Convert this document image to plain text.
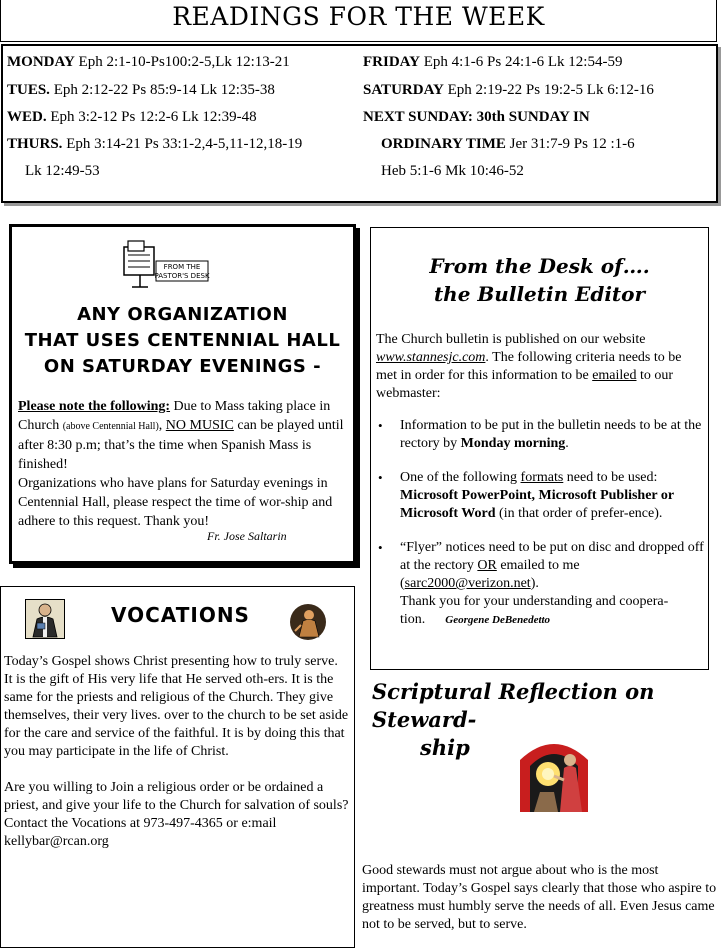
READINGS FOR THE WEEK
MONDAY Eph 2:1-10-Ps100:2-5,Lk 12:13-21
TUES. Eph 2:12-22 Ps 85:9-14 Lk 12:35-38
WED. Eph 3:2-12 Ps 12:2-6 Lk 12:39-48
THURS. Eph 3:14-21 Ps 33:1-2,4-5,11-12,18-19
Lk 12:49-53
FRIDAY Eph 4:1-6 Ps 24:1-6 Lk 12:54-59
SATURDAY Eph 2:19-22 Ps 19:2-5 Lk 6:12-16
NEXT SUNDAY: 30th SUNDAY IN
ORDINARY TIME Jer 31:7-9 Ps 12 :1-6
Heb 5:1-6 Mk 10:46-52
FROM THE
PASTOR'S DESK
ANY ORGANIZATION
THAT USES CENTENNIAL HALL
ON SATURDAY EVENINGS -
Please note the following: Due to Mass taking place in Church (above Centennial Hall), NO MUSIC can be played until after 8:30 p.m; that’s the time when Spanish Mass is finished!
Organizations who have plans for Saturday evenings in Centennial Hall, please respect the time of wor-ship and adhere to this request. Thank you!
Fr. Jose Saltarin
From the Desk of….
the Bulletin Editor
The Church bulletin is published on our website www.stannesjc.com. The following criteria needs to be met in order for this information to be emailed to our webmaster:
• Information to be put in the bulletin needs to be at the rectory by Monday morning.
• One of the following formats need to be used: Microsoft PowerPoint, Microsoft Publisher or Microsoft Word (in that order of prefer-ence).
• “Flyer” notices need to be put on disc and dropped off at the rectory OR emailed to me (sarc2000@verizon.net).
Thank you for your understanding and coopera-tion. Georgene DeBenedetto
VOCATIONS
Today’s Gospel shows Christ presenting how to truly serve. It is the gift of His very life that He served oth-ers. It is the same for the priests and religious of the Church. They give themselves, their very lives. over to the church to be set aside for the care and service of the faithful. It is by doing this that you may participate in the life of Christ.
Are you willing to Join a religious order or be ordained a priest, and give your life to the Church for salvation of souls? Contact the Vocations at 973-497-4365 or e:mail kellybar@rcan.org
Scriptural Reflection on Steward-
ship
Good stewards must not argue about who is the most important. Today’s Gospel says clearly that those who aspire to greatness must humbly serve the needs of all. Even Jesus came not to be served, but to serve.
